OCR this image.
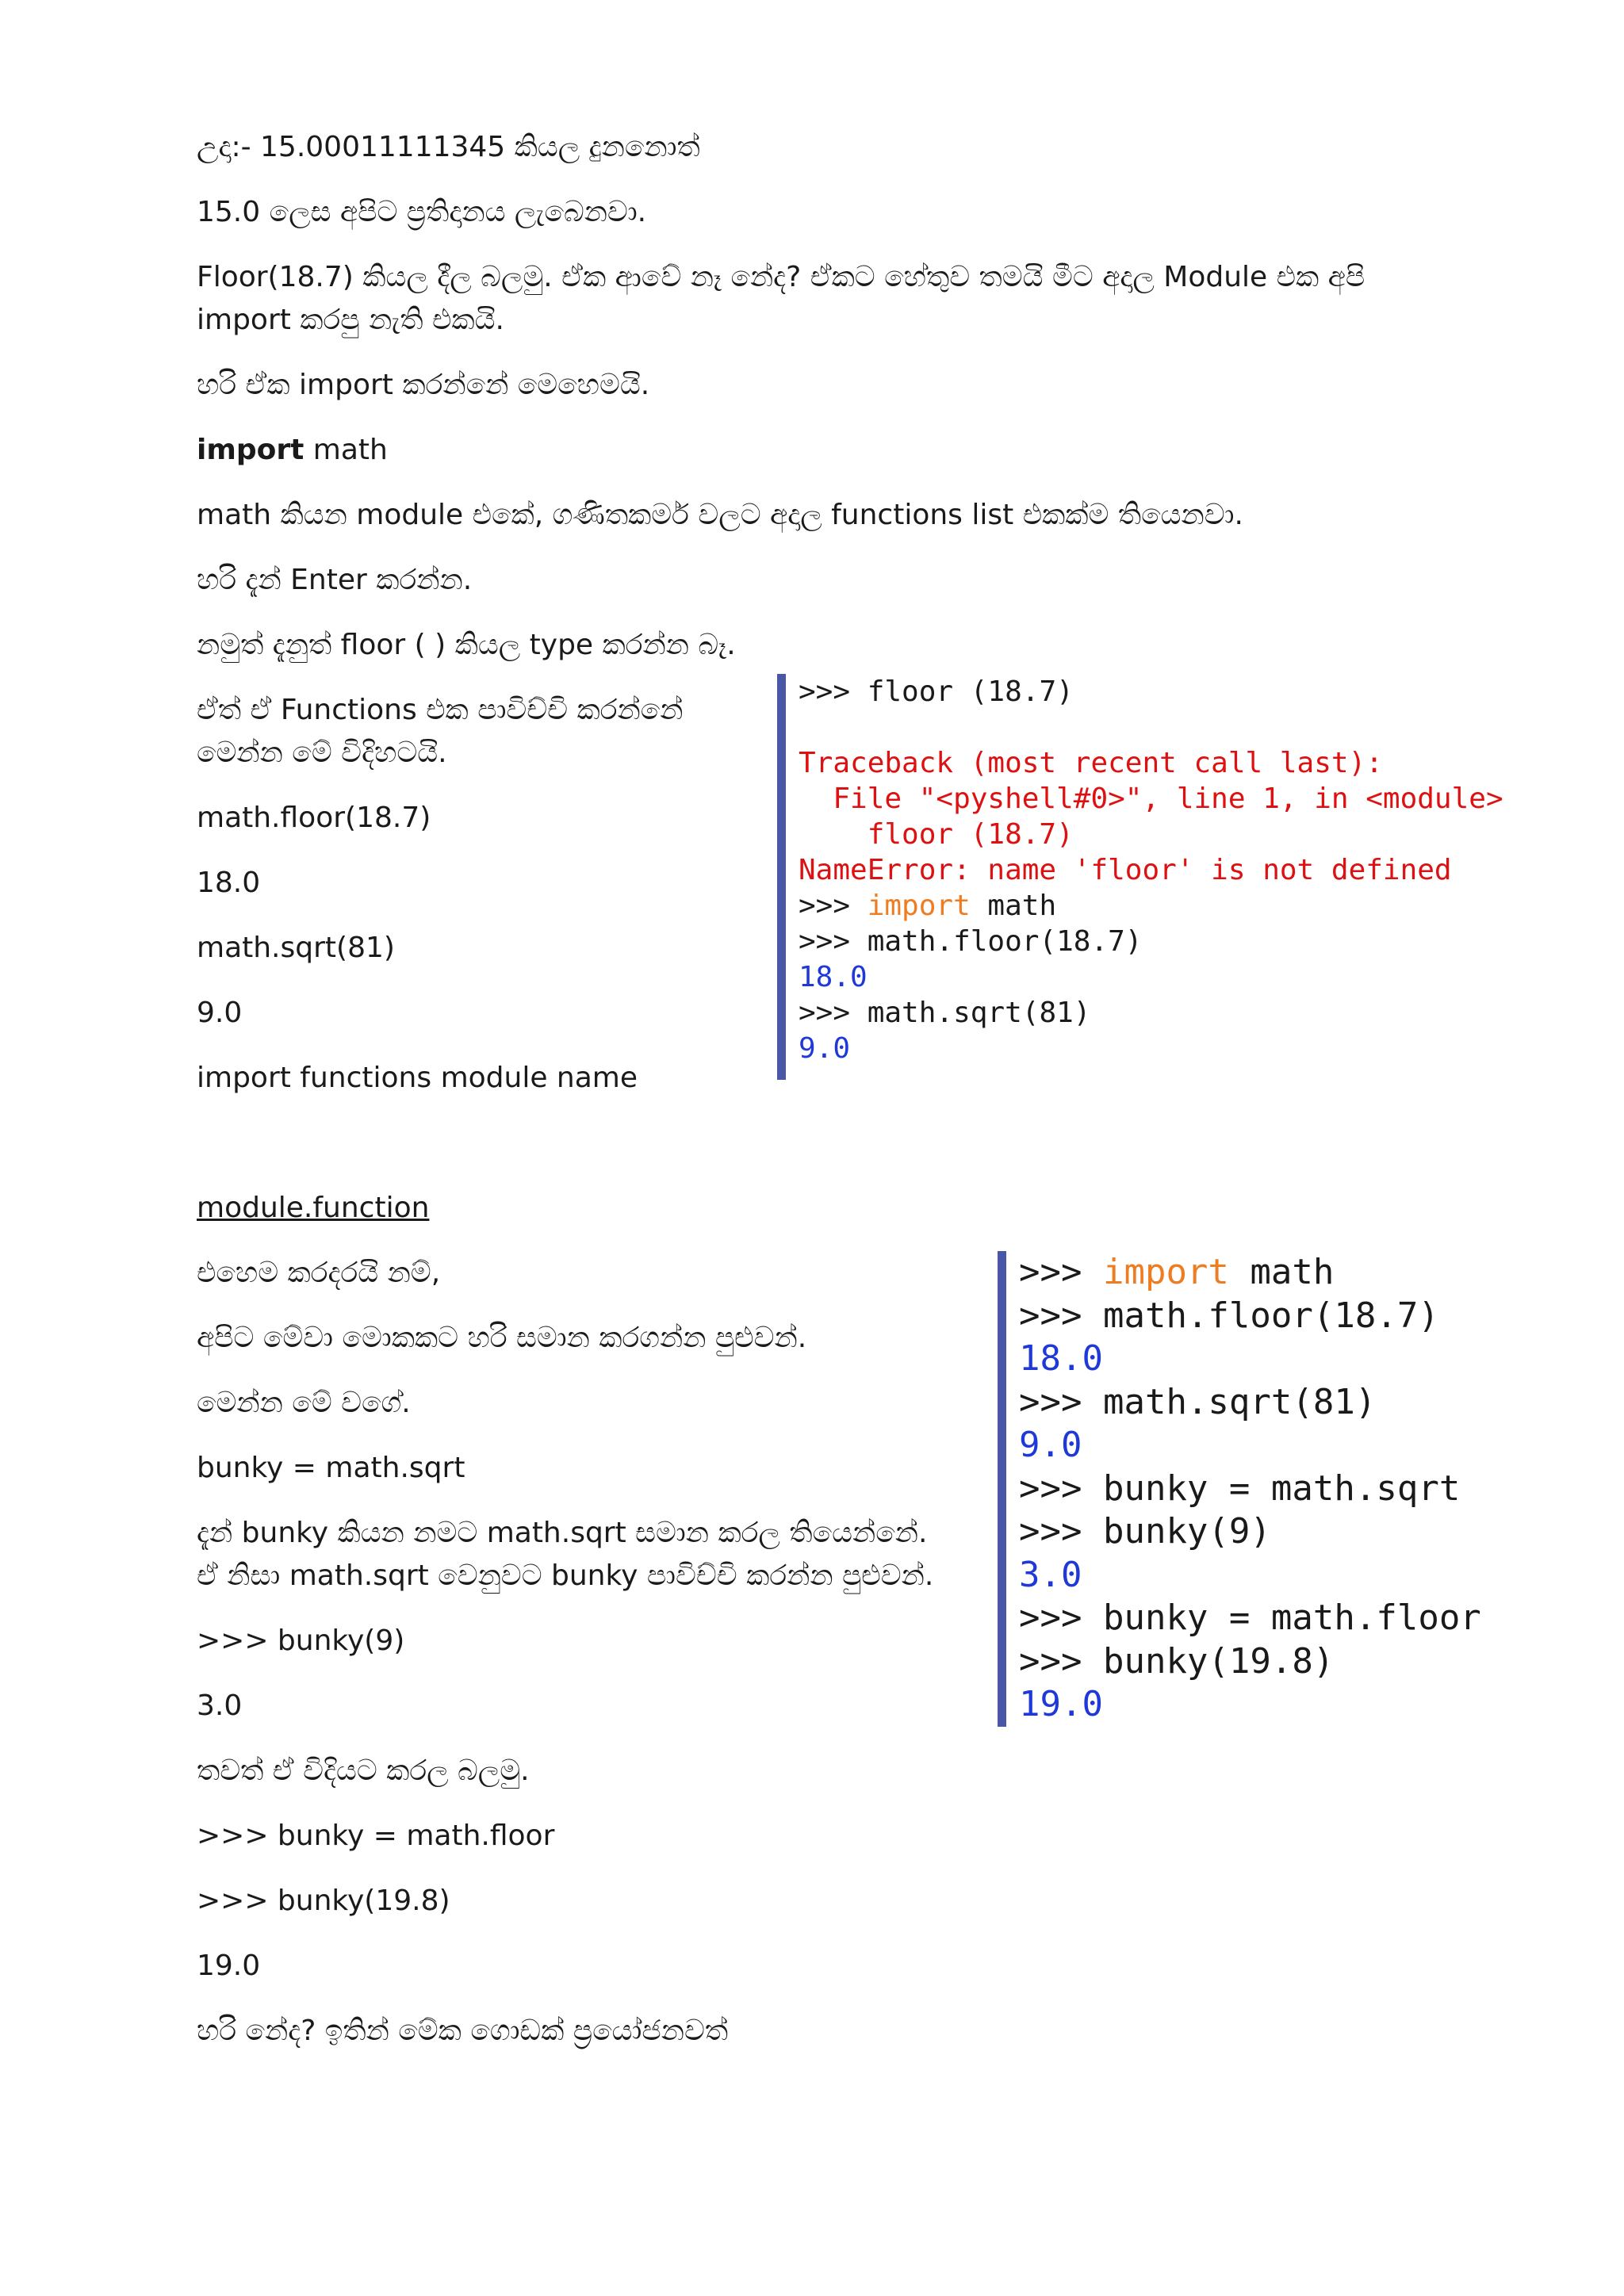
උදා:- 15.00011111345 කියල දුනනොත්

15.0 ලෙස අපිට ප්‍රතිදානය ලැබෙනවා.

Floor(18.7) කියල දීල බලමු. ඒක ආවේ නෑ නේද? ඒකට හේතුව තමයි මීට අදාල Module එක අපි

import කරපු නැති එකයි.

හරි ඒක import කරන්නේ මෙහෙමයි.

import math

math කියන module එකේ, ගණිතකර්ම වලට අදාල functions list එකක්ම තියෙනවා.

හරි දැන් Enter කරන්න.

නමුත් දැනුත් floor ( ) කියල type කරන්න බෑ.

ඒත් ඒ Functions එක පාවිච්චි කරන්නේ

මෙන්න මේ විදිහටයි.

math.floor(18.7)

18.0

math.sqrt(81)

9.0

import functions module name

module.function

එහෙම කරදරයි නම්,

අපිට මේවා මොකකට හරි සමාන කරගන්න පුළුවන්.

මෙන්න මේ වගේ.

bunky = math.sqrt

දැන් bunky කියන නමට math.sqrt සමාන කරල තියෙන්නේ.

ඒ නිසා math.sqrt වෙනුවට bunky පාවිච්චි කරන්න පුළුවන්.

>>> bunky(9)

3.0

තවත් ඒ විදියට කරල බලමු.

>>> bunky = math.floor

>>> bunky(19.8)

19.0

හරි නේද? ඉතින් මේක ගොඩක් ප්‍රයෝජනවත්

>>> floor (18.7)

Traceback (most recent call last):
File "<pyshell#0>", line 1, in <module>
floor (18.7)
NameError: name 'floor' is not defined
>>> import math
>>> math.floor(18.7)
18.0
>>> math.sqrt(81)
9.0
>>> import math
>>> math.floor(18.7)
18.0
>>> math.sqrt(81)
9.0
>>> bunky = math.sqrt
>>> bunky(9)
3.0
>>> bunky = math.floor
>>> bunky(19.8)
19.0
